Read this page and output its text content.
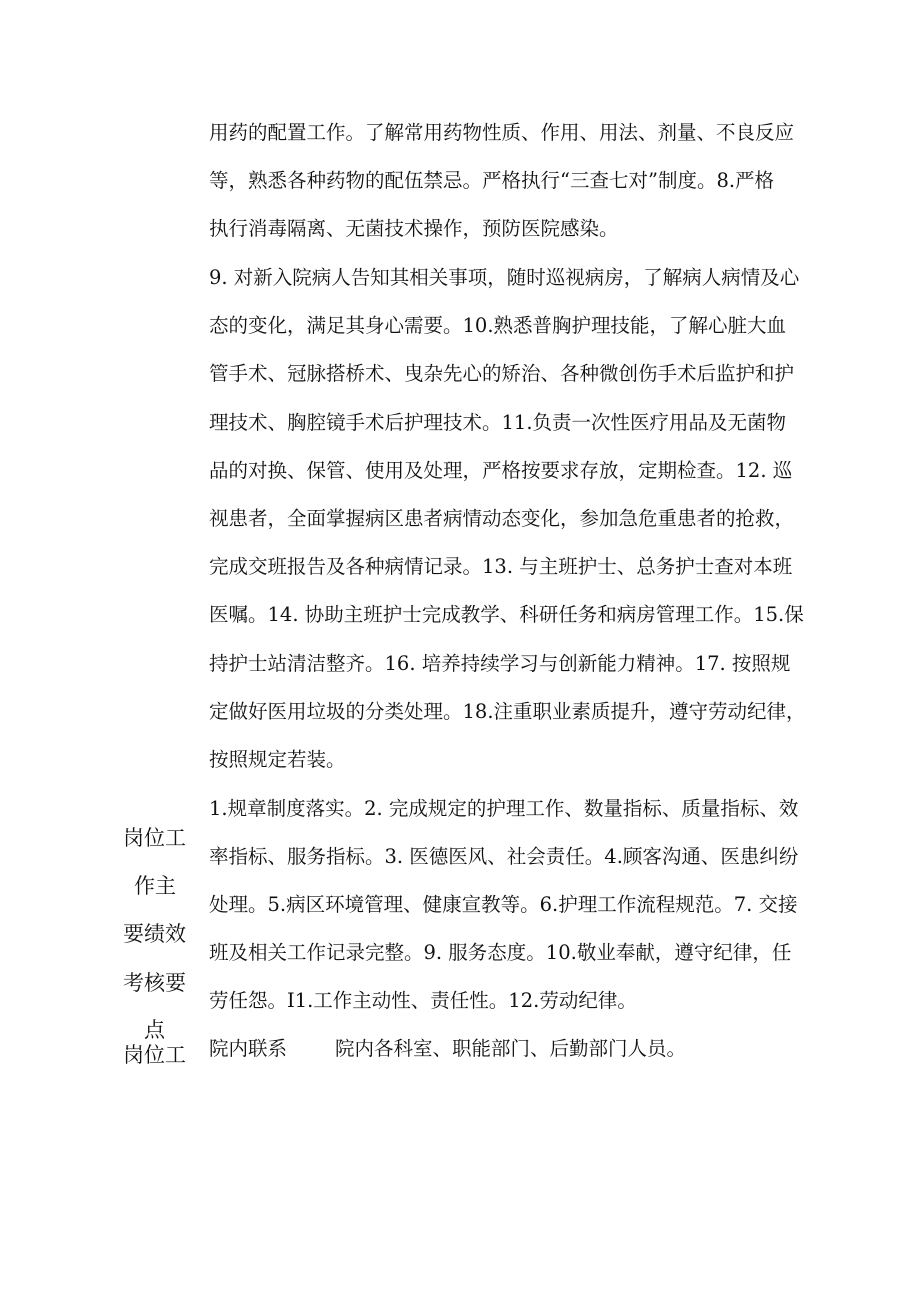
用药的配置工作。了解常用药物性质、作用、用法、剂量、不良反应

等，熟悉各种药物的配伍禁忌。严格执行“三查七对”制度。8.严格

执行消毒隔离、无菌技术操作，预防医院感染。

9. 对新入院病人告知其相关事项，随时巡视病房，了解病人病情及心

态的变化，满足其身心需要。10.熟悉普胸护理技能，了解心脏大血

管手术、冠脉搭桥术、曳杂先心的矫治、各种微创伤手术后监护和护

理技术、胸腔镜手术后护理技术。11.负责一次性医疗用品及无菌物

品的对换、保管、使用及处理，严格按要求存放，定期检查。12. 巡

视患者，全面掌握病区患者病情动态变化，参加急危重患者的抢救，

完成交班报告及各种病情记录。13. 与主班护士、总务护士查对本班

医嘱。14. 协助主班护士完成教学、科研任务和病房管理工作。15.保

持护士站清洁整齐。16. 培养持续学习与创新能力精神。17. 按照规

定做好医用垃圾的分类处理。18.注重职业素质提升，遵守劳动纪律，

按照规定若装。

岗位工

作主

要绩效

考核要

点

1.规章制度落实。2. 完成规定的护理工作、数量指标、质量指标、效

率指标、服务指标。3. 医德医风、社会责任。4.顾客沟通、医患纠纷

处理。5.病区环境管理、健康宣教等。6.护理工作流程规范。7. 交接

班及相关工作记录完整。9. 服务态度。10.敬业奉献，遵守纪律，任

劳任怨。I1.工作主动性、责任性。12.劳动纪律。

岗位工 院内联系 院内各科室、职能部门、后勤部门人员。
